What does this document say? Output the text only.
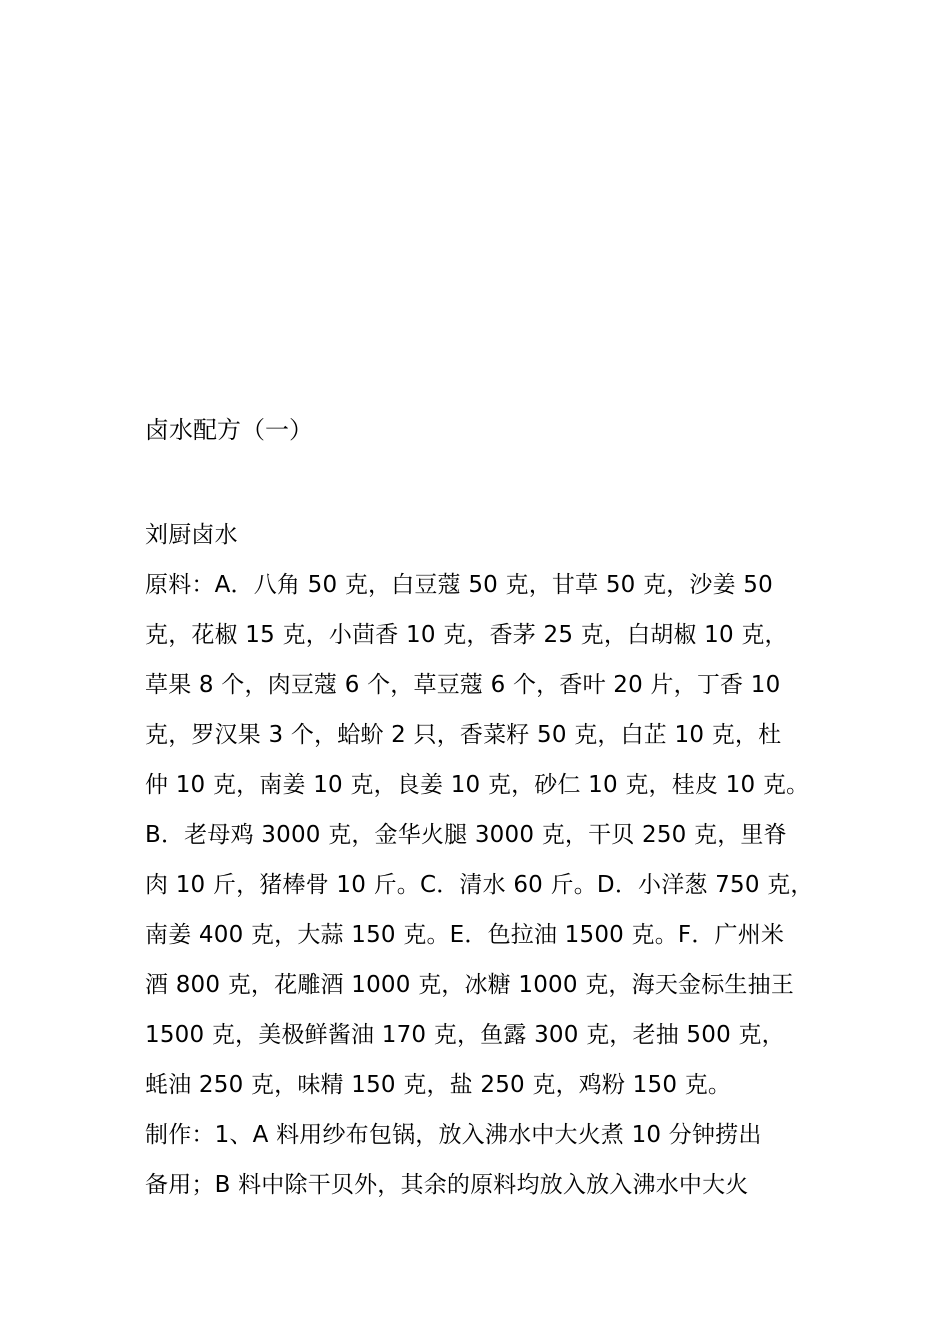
卤水配方（一）
刘厨卤水
原料：A．八角 50 克，白豆蔻 50 克，甘草 50 克，沙姜 50
克，花椒 15 克，小茴香 10 克，香茅 25 克，白胡椒 10 克，
草果 8 个，肉豆蔻 6 个，草豆蔻 6 个，香叶 20 片，丁香 10
克，罗汉果 3 个，蛤蚧 2 只，香菜籽 50 克，白芷 10 克，杜
仲 10 克，南姜 10 克，良姜 10 克，砂仁 10 克，桂皮 10 克。
B．老母鸡 3000 克，金华火腿 3000 克，干贝 250 克，里脊
肉 10 斤，猪棒骨 10 斤。C．清水 60 斤。D．小洋葱 750 克，
南姜 400 克，大蒜 150 克。E．色拉油 1500 克。F．广州米
酒 800 克，花雕酒 1000 克，冰糖 1000 克，海天金标生抽王
1500 克，美极鲜酱油 170 克，鱼露 300 克，老抽 500 克，
蚝油 250 克，味精 150 克，盐 250 克，鸡粉 150 克。
制作：1、A 料用纱布包锅，放入沸水中大火煮 10 分钟捞出
备用；B 料中除干贝外，其余的原料均放入放入沸水中大火
